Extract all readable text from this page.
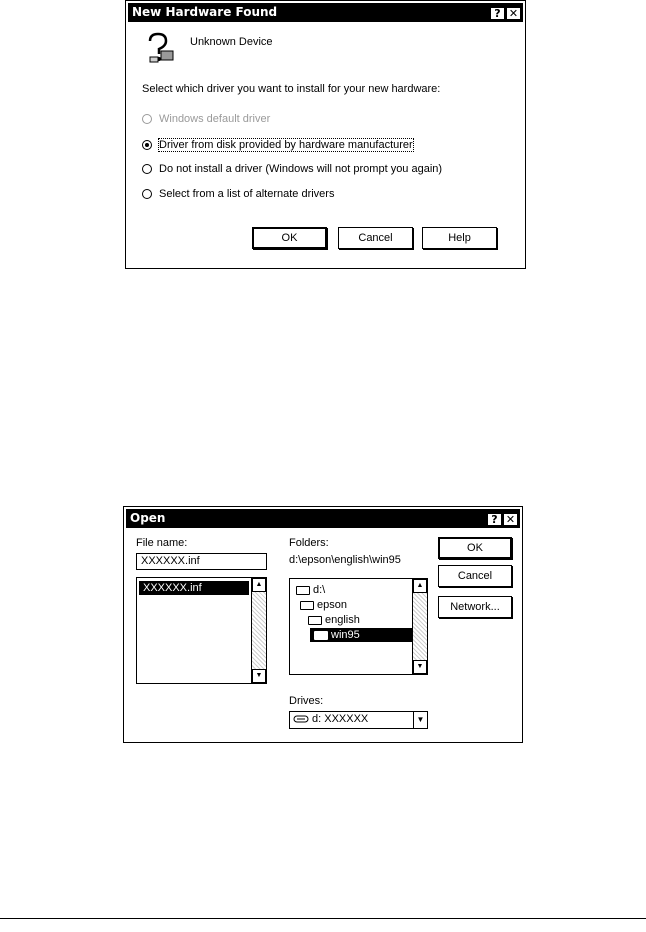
New Hardware Found	? ✕
Unknown Device
Select which driver you want to install for your new hardware:
Windows default driver
Driver from disk provided by hardware manufacturer
Do not install a driver (Windows will not prompt you again)
Select from a list of alternate drivers
OK	Cancel	Help
Open	? ✕
File name:
XXXXXX.inf
XXXXXX.inf	▲
▼
Folders:
d:\epson\english\win95
d:\
epson
english
win95
▲
▼
Drives:
d: XXXXXX	▼
OK
Cancel
Network...
